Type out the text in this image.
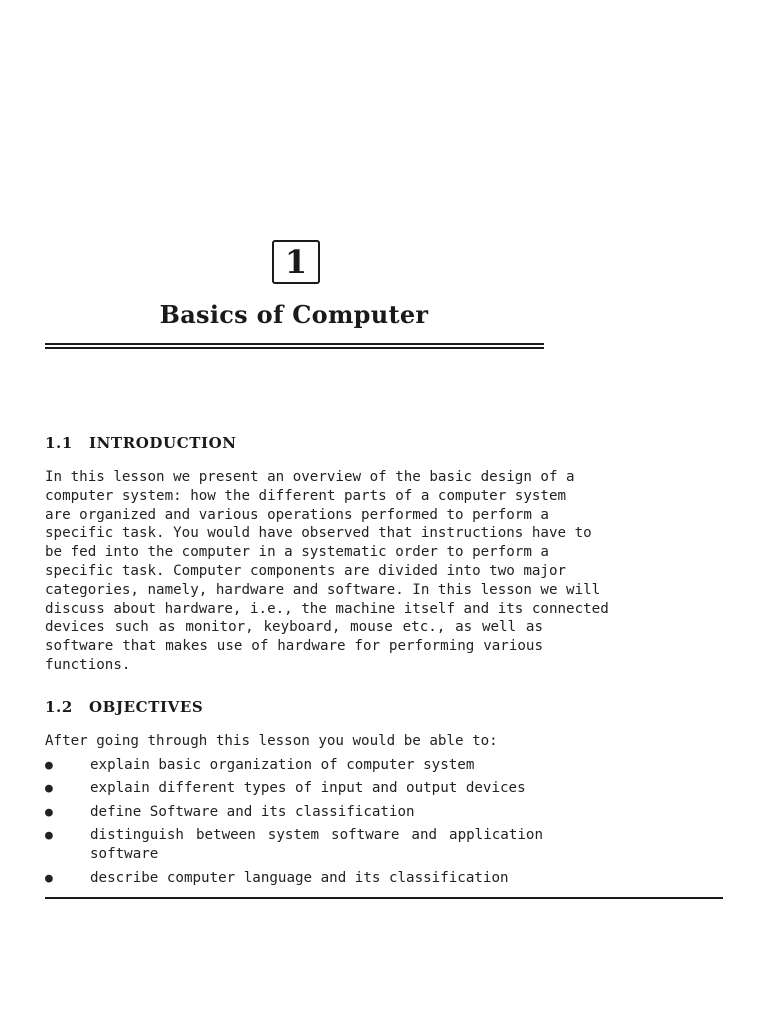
1
Basics of Computer
1.1 INTRODUCTION
In this lesson we present an overview of the basic design of a
computer system: how the different parts of a computer system
are organized and various operations performed to perform a
specific task. You would have observed that instructions have to
be fed into the computer in a systematic order to perform a
specific task. Computer components are divided into two major
categories, namely, hardware and software. In this lesson we will
discuss about hardware, i.e., the machine itself and its connected
devices such as monitor, keyboard, mouse etc., as well as
software that makes use of hardware for performing various
functions.
1.2 OBJECTIVES
After going through this lesson you would be able to:
●	explain basic organization of computer system
●	explain different types of input and output devices
●	define Software and its classification
●	distinguish between system software and application
software
●	describe computer language and its classification
